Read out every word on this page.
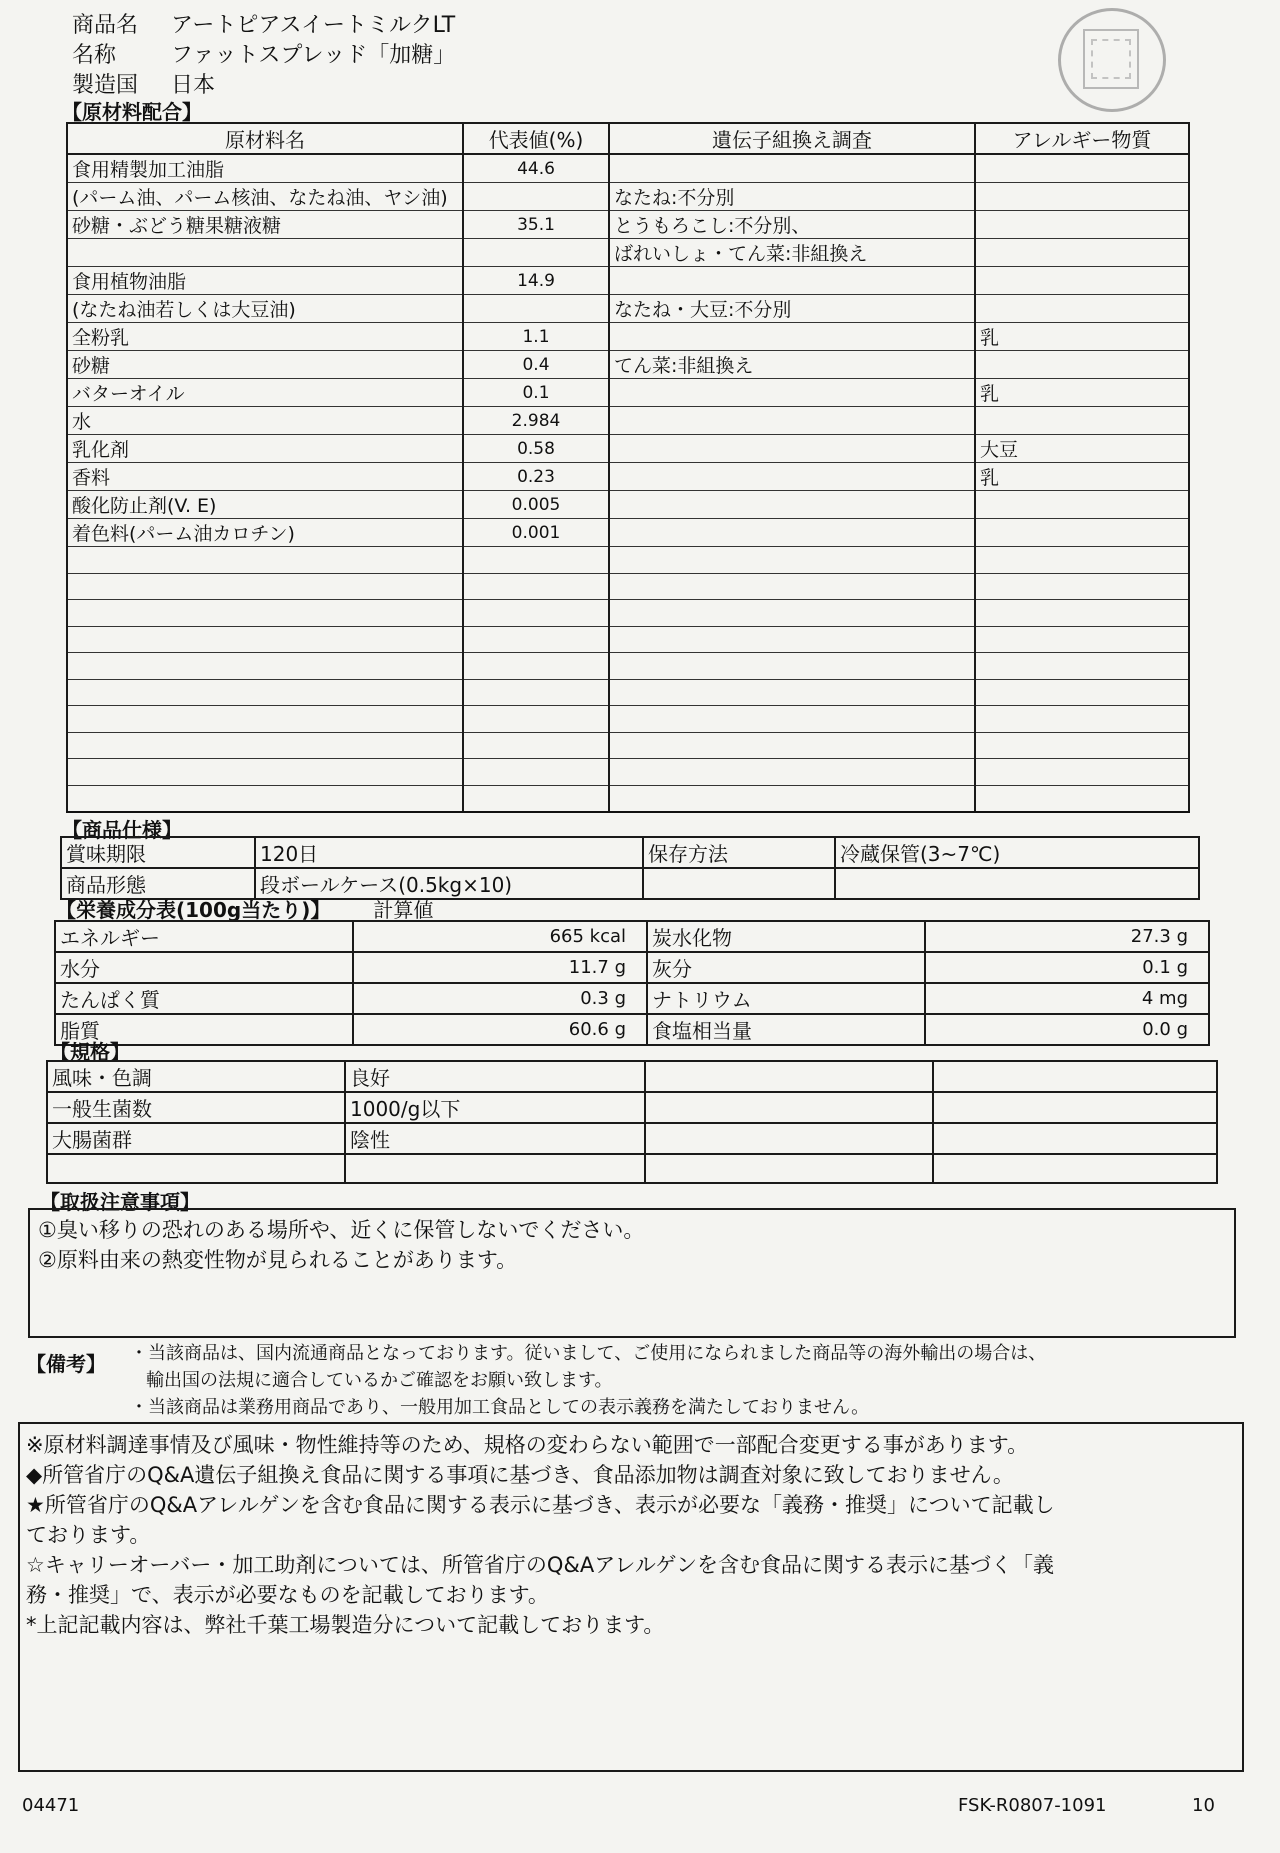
商品名 アートピアスイートミルクLT
名称 ファットスプレッド「加糖」
製造国 日本
【原材料配合】
原材料名	代表値(%)	遺伝子組換え調査	アレルギー物質
食用精製加工油脂	44.6		
(パーム油、パーム核油、なたね油、ヤシ油)		なたね:不分別	
砂糖・ぶどう糖果糖液糖	35.1	とうもろこし:不分別、	
		ばれいしょ・てん菜:非組換え	
食用植物油脂	14.9		
(なたね油若しくは大豆油)		なたね・大豆:不分別	
全粉乳	1.1		乳
砂糖	0.4	てん菜:非組換え	
バターオイル	0.1		乳
水	2.984		
乳化剤	0.58		大豆
香料	0.23		乳
酸化防止剤(V. E)	0.005		
着色料(パーム油カロチン)	0.001		

【商品仕様】
賞味期限	120日	保存方法	冷蔵保管(3~7℃)
商品形態	段ボールケース(0.5kg×10)		
【栄養成分表(100g当たり)】 計算値
エネルギー	665 kcal	炭水化物	27.3 g
水分	11.7 g	灰分	0.1 g
たんぱく質	0.3 g	ナトリウム	4 mg
脂質	60.6 g	食塩相当量	0.0 g
【規格】
風味・色調	良好		
一般生菌数	1000/g以下		
大腸菌群	陰性		

【取扱注意事項】
①臭い移りの恐れのある場所や、近くに保管しないでください。
②原料由来の熱変性物が見られることがあります。
【備考】 ・当該商品は、国内流通商品となっております。従いまして、ご使用になられました商品等の海外輸出の場合は、
輸出国の法規に適合しているかご確認をお願い致します。
・当該商品は業務用商品であり、一般用加工食品としての表示義務を満たしておりません。
※原材料調達事情及び風味・物性維持等のため、規格の変わらない範囲で一部配合変更する事があります。
◆所管省庁のQ&A遺伝子組換え食品に関する事項に基づき、食品添加物は調査対象に致しておりません。
★所管省庁のQ&Aアレルゲンを含む食品に関する表示に基づき、表示が必要な「義務・推奨」について記載し
ております。
☆キャリーオーバー・加工助剤については、所管省庁のQ&Aアレルゲンを含む食品に関する表示に基づく「義
務・推奨」で、表示が必要なものを記載しております。
*上記記載内容は、弊社千葉工場製造分について記載しております。
04471	FSK-R0807-1091	10
